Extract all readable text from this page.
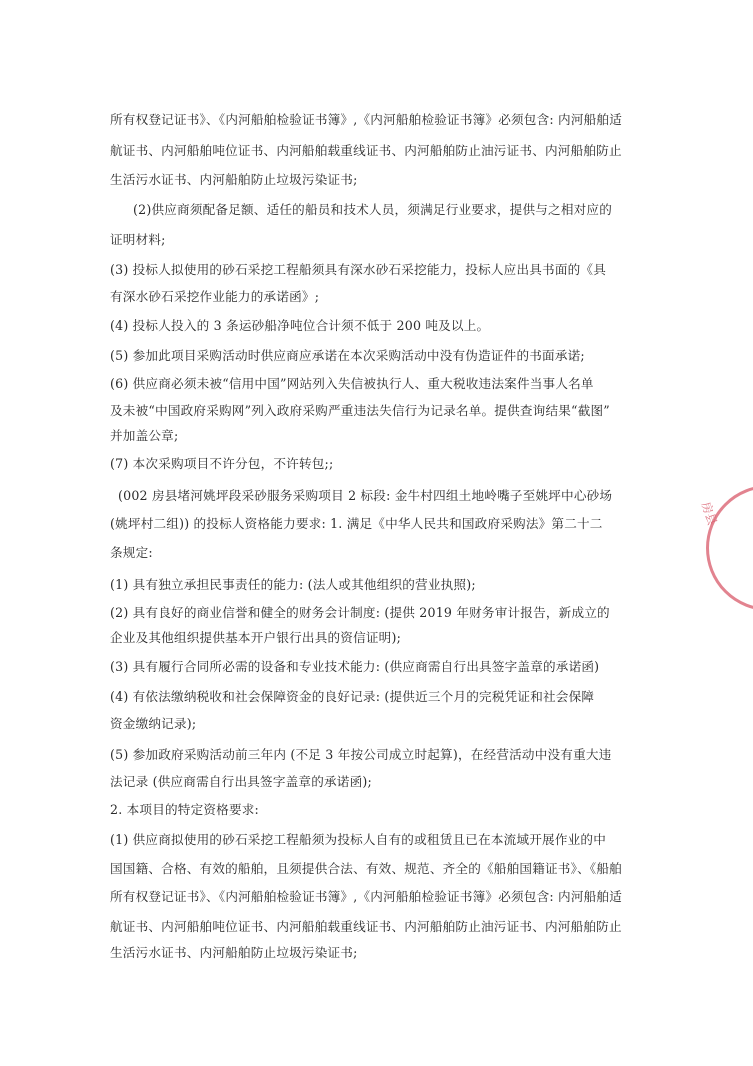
所有权登记证书》、《内河船舶检验证书簿》,《内河船舶检验证书簿》必须包含: 内河船舶适
航证书、内河船舶吨位证书、内河船舶载重线证书、内河船舶防止油污证书、内河船舶防止
生活污水证书、内河船舶防止垃圾污染证书;
(2)供应商须配备足额、适任的船员和技术人员，须满足行业要求，提供与之相对应的
证明材料;
(3) 投标人拟使用的砂石采挖工程船须具有深水砂石采挖能力，投标人应出具书面的《具
有深水砂石采挖作业能力的承诺函》;
(4) 投标人投入的 3 条运砂船净吨位合计须不低于 200 吨及以上。
(5) 参加此项目采购活动时供应商应承诺在本次采购活动中没有伪造证件的书面承诺;
(6) 供应商必须未被“信用中国”网站列入失信被执行人、重大税收违法案件当事人名单
及未被“中国政府采购网”列入政府采购严重违法失信行为记录名单。提供查询结果“截图”
并加盖公章;
(7) 本次采购项目不许分包，不许转包;;
(002 房县堵河姚坪段采砂服务采购项目 2 标段: 金牛村四组土地岭嘴子至姚坪中心砂场
(姚坪村二组)) 的投标人资格能力要求: 1. 满足《中华人民共和国政府采购法》第二十二
条规定:
(1) 具有独立承担民事责任的能力: (法人或其他组织的营业执照);
(2) 具有良好的商业信誉和健全的财务会计制度: (提供 2019 年财务审计报告，新成立的
企业及其他组织提供基本开户银行出具的资信证明);
(3) 具有履行合同所必需的设备和专业技术能力: (供应商需自行出具签字盖章的承诺函)
(4) 有依法缴纳税收和社会保障资金的良好记录: (提供近三个月的完税凭证和社会保障
资金缴纳记录);
(5) 参加政府采购活动前三年内 (不足 3 年按公司成立时起算)，在经营活动中没有重大违
法记录 (供应商需自行出具签字盖章的承诺函);
2. 本项目的特定资格要求:
(1) 供应商拟使用的砂石采挖工程船须为投标人自有的或租赁且已在本流域开展作业的中
国国籍、合格、有效的船舶，且须提供合法、有效、规范、齐全的《船舶国籍证书》、《船舶
所有权登记证书》、《内河船舶检验证书簿》,《内河船舶检验证书簿》必须包含: 内河船舶适
航证书、内河船舶吨位证书、内河船舶载重线证书、内河船舶防止油污证书、内河船舶防止
生活污水证书、内河船舶防止垃圾污染证书;
房县
